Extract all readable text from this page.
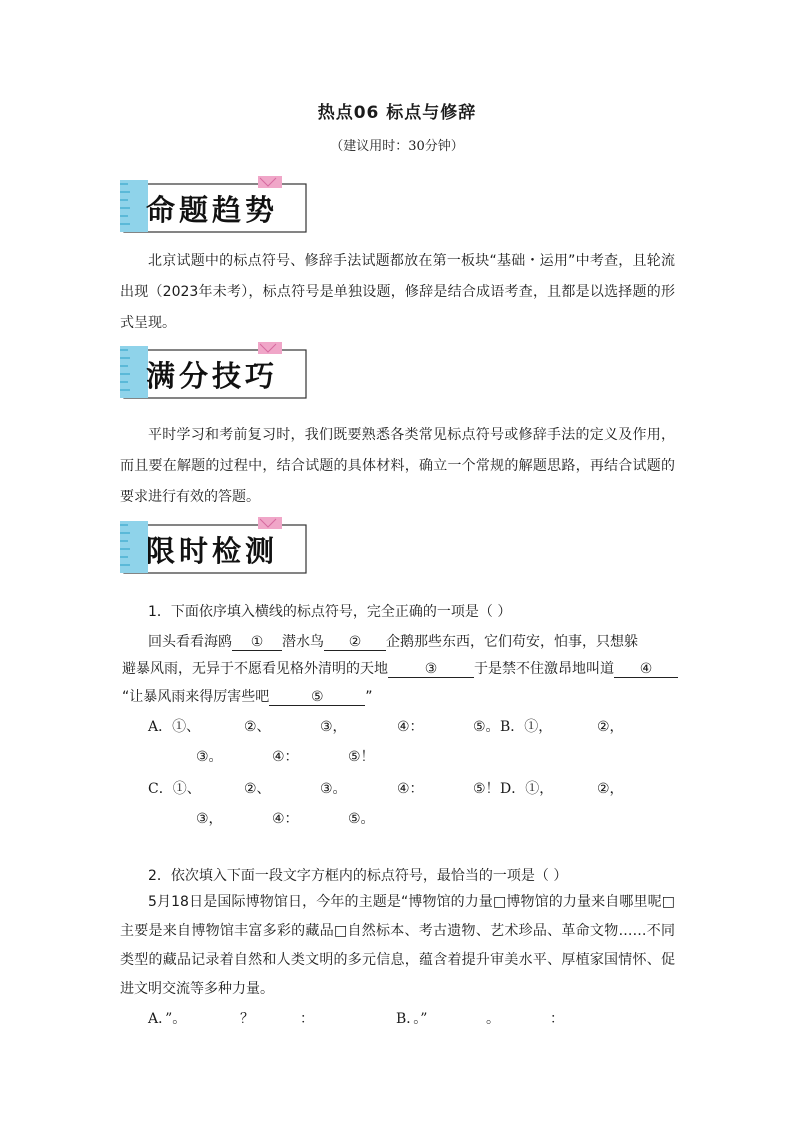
热点06 标点与修辞
（建议用时：30分钟）
命题趋势
北京试题中的标点符号、修辞手法试题都放在第一板块“基础・运用”中考查，且轮流出现（2023年未考），标点符号是单独设题，修辞是结合成语考查，且都是以选择题的形式呈现。
满分技巧
平时学习和考前复习时，我们既要熟悉各类常见标点符号或修辞手法的定义及作用，而且要在解题的过程中，结合试题的具体材料，确立一个常规的解题思路，再结合试题的要求进行有效的答题。
限时检测
1．下面依序填入横线的标点符号，完全正确的一项是（ ）
回头看看海鸥 ① 潜水鸟 ② 企鹅那些东西，它们苟安，怕事，只想躲
避暴风雨，无异于不愿看见格外清明的天地	③	于是禁不住激昂地叫道 ④
“让暴风雨来得厉害些吧	⑤	”
A．①、	②、	③，	④：	⑤。 B．①，	②，
③。	④：	⑤！
C．①、	②、	③。	④：	⑤！ D．①，	②，
③，	④：	⑤。
2．依次填入下面一段文字方框内的标点符号，最恰当的一项是（ ）
5月18日是国际博物馆日，今年的主题是“博物馆的力量□博物馆的力量来自哪里呢□主要是来自博物馆丰富多彩的藏品□自然标本、考古遗物、艺术珍品、革命文物……不同类型的藏品记录着自然和人类文明的多元信息，蕴含着提升审美水平、厚植家国情怀、促进文明交流等多种力量。
A．”。	？	：	B．。”	。	：
